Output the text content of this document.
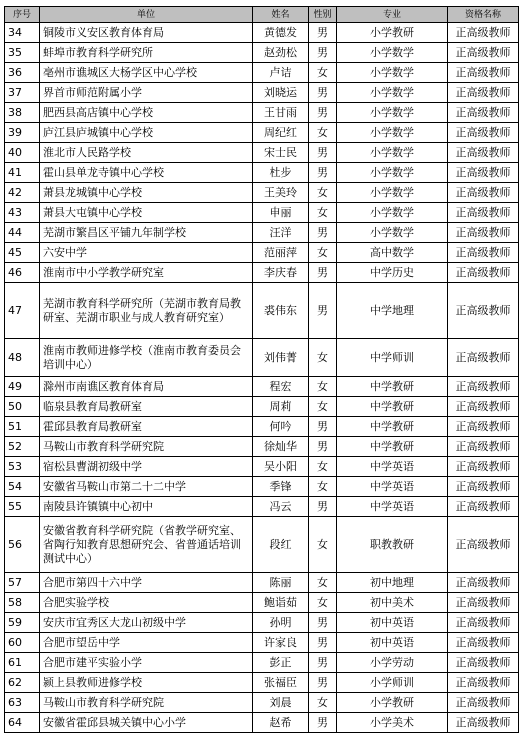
序号	单位	姓名	性别	专业	资格名称
34	铜陵市义安区教育体育局	黄德发	男	小学教研	正高级教师
35	蚌埠市教育科学研究所	赵劲松	男	小学数学	正高级教师
36	亳州市谯城区大杨学区中心学校	卢诘	女	小学数学	正高级教师
37	界首市师范附属小学	刘晓运	男	小学数学	正高级教师
38	肥西县高店镇中心学校	王甘雨	男	小学数学	正高级教师
39	庐江县庐城镇中心学校	周纪红	女	小学数学	正高级教师
40	淮北市人民路学校	宋士民	男	小学数学	正高级教师
41	霍山县单龙寺镇中心学校	杜步	男	小学数学	正高级教师
42	萧县龙城镇中心学校	王美玲	女	小学数学	正高级教师
43	萧县大屯镇中心学校	申丽	女	小学数学	正高级教师
44	芜湖市繁昌区平铺九年制学校	汪洋	男	小学数学	正高级教师
45	六安中学	范丽萍	女	高中数学	正高级教师
46	淮南市中小学教学研究室	李庆春	男	中学历史	正高级教师
47	芜湖市教育科学研究所（芜湖市教育局教研室、芜湖市职业与成人教育研究室）	裘伟东	男	中学地理	正高级教师
48	淮南市教师进修学校（淮南市教育委员会培训中心）	刘伟菁	女	中学师训	正高级教师
49	滁州市南谯区教育体育局	程宏	女	中学教研	正高级教师
50	临泉县教育局教研室	周莉	女	中学教研	正高级教师
51	霍邱县教育局教研室	何吟	男	中学教研	正高级教师
52	马鞍山市教育科学研究院	徐灿华	男	中学教研	正高级教师
53	宿松县曹湖初级中学	吴小阳	女	中学英语	正高级教师
54	安徽省马鞍山市第二十二中学	季锋	女	中学英语	正高级教师
55	南陵县许镇镇中心初中	冯云	男	中学英语	正高级教师
56	安徽省教育科学研究院（省教学研究室、省陶行知教育思想研究会、省普通话培训测试中心）	段红	女	职教教研	正高级教师
57	合肥市第四十六中学	陈丽	女	初中地理	正高级教师
58	合肥实验学校	鲍诣茹	女	初中美术	正高级教师
59	安庆市宜秀区大龙山初级中学	孙明	男	初中英语	正高级教师
60	合肥市望岳中学	许家良	男	初中英语	正高级教师
61	合肥市建平实验小学	彭正	男	小学劳动	正高级教师
62	颍上县教师进修学校	张福臣	男	小学师训	正高级教师
63	马鞍山市教育科学研究院	刘晨	女	小学教研	正高级教师
64	安徽省霍邱县城关镇中心小学	赵希	男	小学美术	正高级教师
